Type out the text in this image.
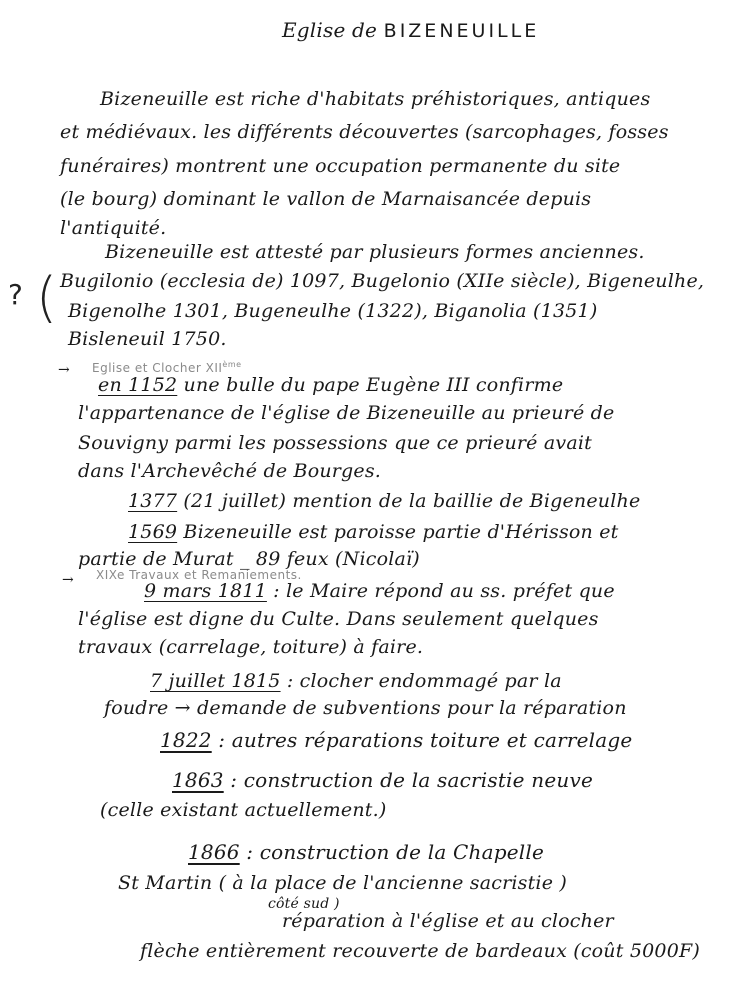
Eglise de BIZENEUILLE
Bizeneuille est riche d'habitats préhistoriques, antiques
et médiévaux. les différents découvertes (sarcophages, fosses
funéraires) montrent une occupation permanente du site
(le bourg) dominant le vallon de Marnaisancée depuis
l'antiquité.
Bizeneuille est attesté par plusieurs formes anciennes.
? ( Bugilonio (ecclesia de) 1097, Bugelonio (XIIe siècle), Bigeneulhe,
Bigenolhe 1301, Bugeneulhe (1322), Biganolia (1351)
Bisleneuil 1750.
→ Eglise et Clocher XIIème
en 1152 une bulle du pape Eugène III confirme
l'appartenance de l'église de Bizeneuille au prieuré de
Souvigny parmi les possessions que ce prieuré avait
dans l'Archevêché de Bourges.
1377 (21 juillet) mention de la baillie de Bigeneulhe
1569 Bizeneuille est paroisse partie d'Hérisson et
partie de Murat _ 89 feux (Nicolaï)
→ XIXe Travaux et Remaniements.
9 mars 1811 : le Maire répond au ss. préfet que
l'église est digne du Culte. Dans seulement quelques
travaux (carrelage, toiture) à faire.
7 juillet 1815 : clocher endommagé par la
foudre → demande de subventions pour la réparation
1822 : autres réparations toiture et carrelage
1863 : construction de la sacristie neuve
(celle existant actuellement.)
1866 : construction de la Chapelle
St Martin ( à la place de l'ancienne sacristie )
côté sud )
réparation à l'église et au clocher
flèche entièrement recouverte de bardeaux (coût 5000F)
